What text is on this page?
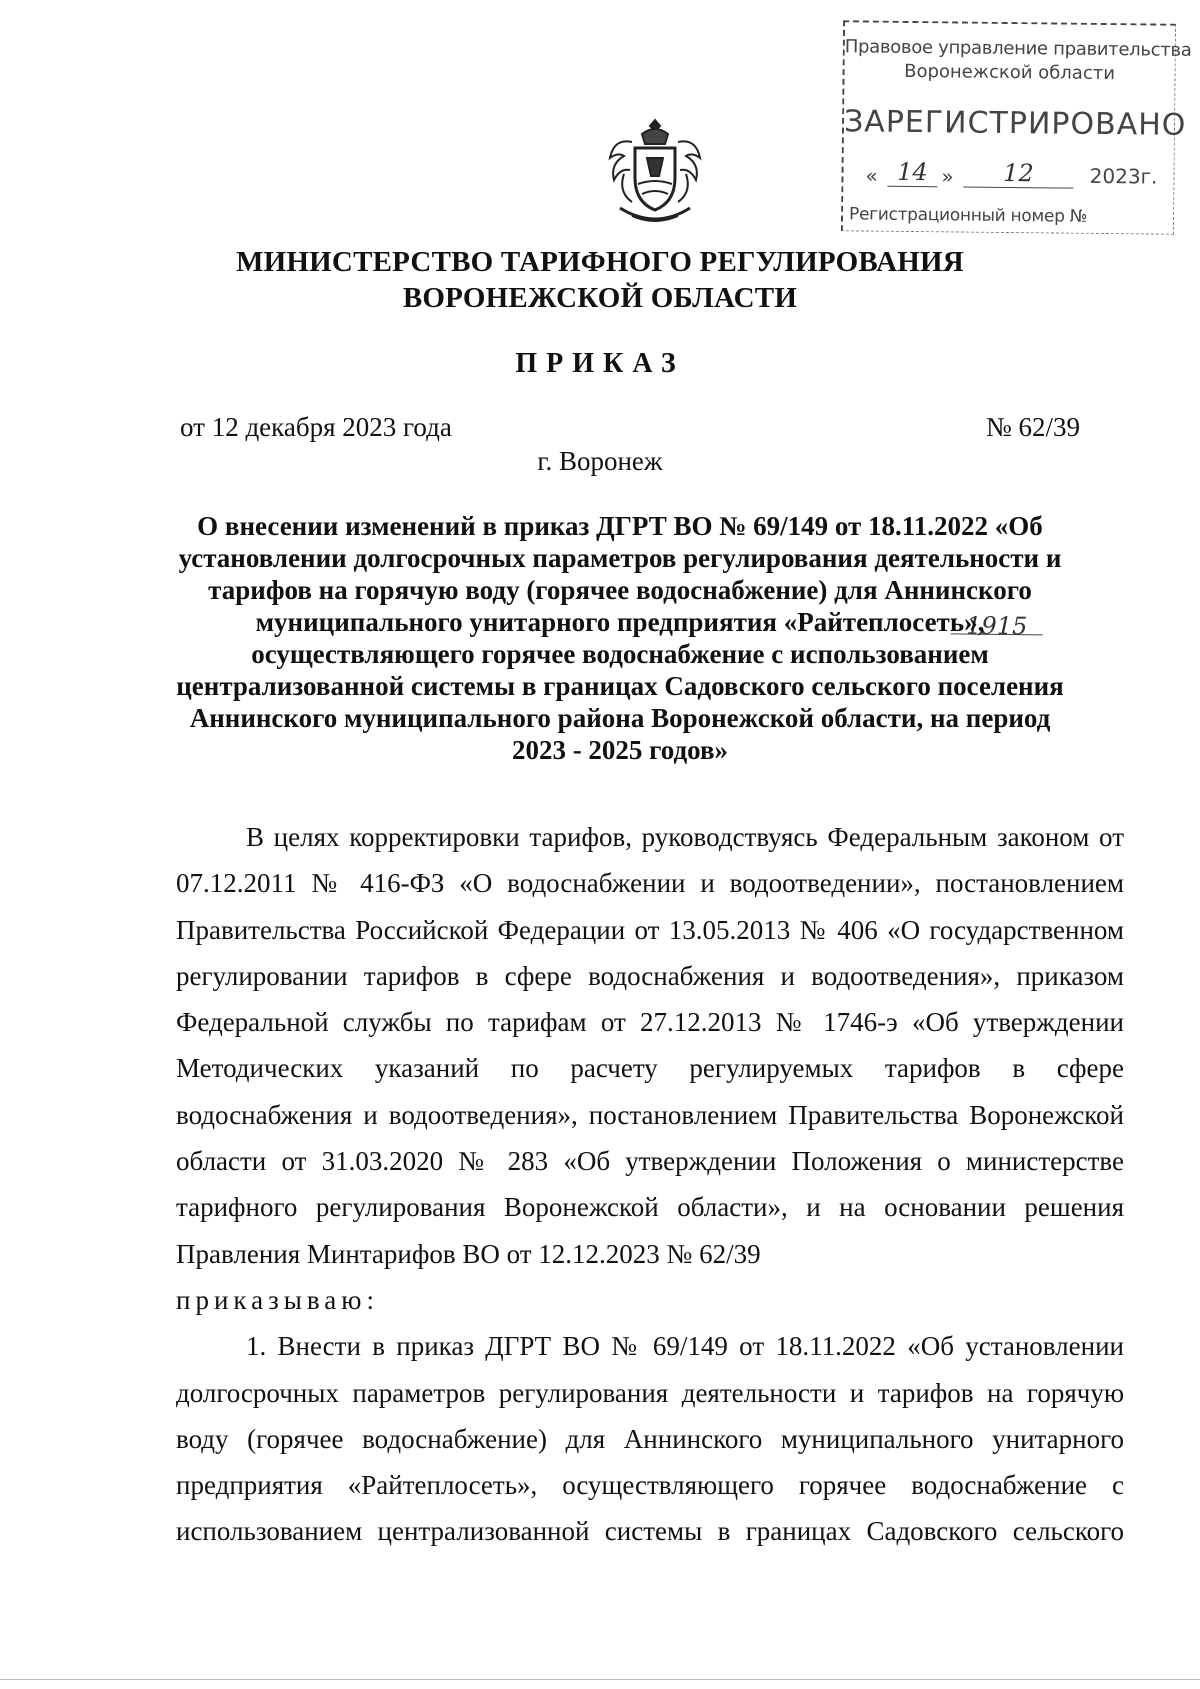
Правовое управление правительства
Воронежской области
ЗАРЕГИСТРИРОВАНО
« 14 »	12	2023г.
Регистрационный номер №
1915
МИНИСТЕРСТВО ТАРИФНОГО РЕГУЛИРОВАНИЯ
ВОРОНЕЖСКОЙ ОБЛАСТИ
ПРИКАЗ
от 12 декабря 2023 года	№ 62/39
г. Воронеж
О внесении изменений в приказ ДГРТ ВО № 69/149 от 18.11.2022 «Об установлении долгосрочных параметров регулирования деятельности и тарифов на горячую воду (горячее водоснабжение) для Аннинского муниципального унитарного предприятия «Райтеплосеть», осуществляющего горячее водоснабжение с использованием централизованной системы в границах Садовского сельского поселения Аннинского муниципального района Воронежской области, на период 2023 - 2025 годов»

В целях корректировки тарифов, руководствуясь Федеральным законом от 07.12.2011 № 416-ФЗ «О водоснабжении и водоотведении», постановлением Правительства Российской Федерации от 13.05.2013 № 406 «О государственном регулировании тарифов в сфере водоснабжения и водоотведения», приказом Федеральной службы по тарифам от 27.12.2013 № 1746-э «Об утверждении Методических указаний по расчету регулируемых тарифов в сфере водоснабжения и водоотведения», постановлением Правительства Воронежской области от 31.03.2020 № 283 «Об утверждении Положения о министерстве тарифного регулирования Воронежской области», и на основании решения Правления Минтарифов ВО от 12.12.2023 № 62/39

приказываю:

1. Внести в приказ ДГРТ ВО № 69/149 от 18.11.2022 «Об установлении долгосрочных параметров регулирования деятельности и тарифов на горячую воду (горячее водоснабжение) для Аннинского муниципального унитарного предприятия «Райтеплосеть», осуществляющего горячее водоснабжение с использованием централизованной системы в границах Садовского сельского
